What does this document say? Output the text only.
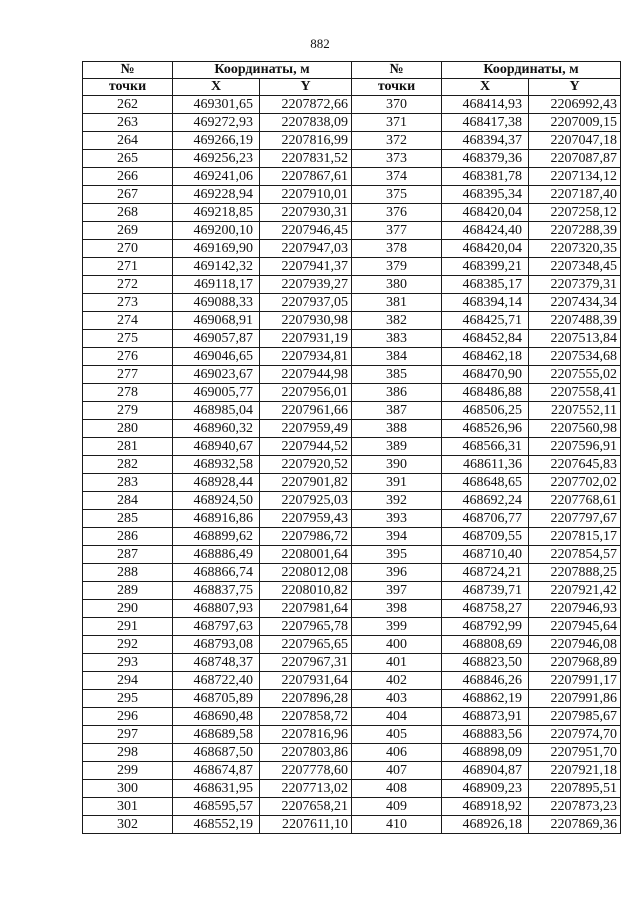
882
№	Координаты, м		№	Координаты, м	
точки	X	Y	точки	X	Y
262	469301,65	2207872,66	370	468414,93	2206992,43
263	469272,93	2207838,09	371	468417,38	2207009,15
264	469266,19	2207816,99	372	468394,37	2207047,18
265	469256,23	2207831,52	373	468379,36	2207087,87
266	469241,06	2207867,61	374	468381,78	2207134,12
267	469228,94	2207910,01	375	468395,34	2207187,40
268	469218,85	2207930,31	376	468420,04	2207258,12
269	469200,10	2207946,45	377	468424,40	2207288,39
270	469169,90	2207947,03	378	468420,04	2207320,35
271	469142,32	2207941,37	379	468399,21	2207348,45
272	469118,17	2207939,27	380	468385,17	2207379,31
273	469088,33	2207937,05	381	468394,14	2207434,34
274	469068,91	2207930,98	382	468425,71	2207488,39
275	469057,87	2207931,19	383	468452,84	2207513,84
276	469046,65	2207934,81	384	468462,18	2207534,68
277	469023,67	2207944,98	385	468470,90	2207555,02
278	469005,77	2207956,01	386	468486,88	2207558,41
279	468985,04	2207961,66	387	468506,25	2207552,11
280	468960,32	2207959,49	388	468526,96	2207560,98
281	468940,67	2207944,52	389	468566,31	2207596,91
282	468932,58	2207920,52	390	468611,36	2207645,83
283	468928,44	2207901,82	391	468648,65	2207702,02
284	468924,50	2207925,03	392	468692,24	2207768,61
285	468916,86	2207959,43	393	468706,77	2207797,67
286	468899,62	2207986,72	394	468709,55	2207815,17
287	468886,49	2208001,64	395	468710,40	2207854,57
288	468866,74	2208012,08	396	468724,21	2207888,25
289	468837,75	2208010,82	397	468739,71	2207921,42
290	468807,93	2207981,64	398	468758,27	2207946,93
291	468797,63	2207965,78	399	468792,99	2207945,64
292	468793,08	2207965,65	400	468808,69	2207946,08
293	468748,37	2207967,31	401	468823,50	2207968,89
294	468722,40	2207931,64	402	468846,26	2207991,17
295	468705,89	2207896,28	403	468862,19	2207991,86
296	468690,48	2207858,72	404	468873,91	2207985,67
297	468689,58	2207816,96	405	468883,56	2207974,70
298	468687,50	2207803,86	406	468898,09	2207951,70
299	468674,87	2207778,60	407	468904,87	2207921,18
300	468631,95	2207713,02	408	468909,23	2207895,51
301	468595,57	2207658,21	409	468918,92	2207873,23
302	468552,19	2207611,10	410	468926,18	2207869,36
